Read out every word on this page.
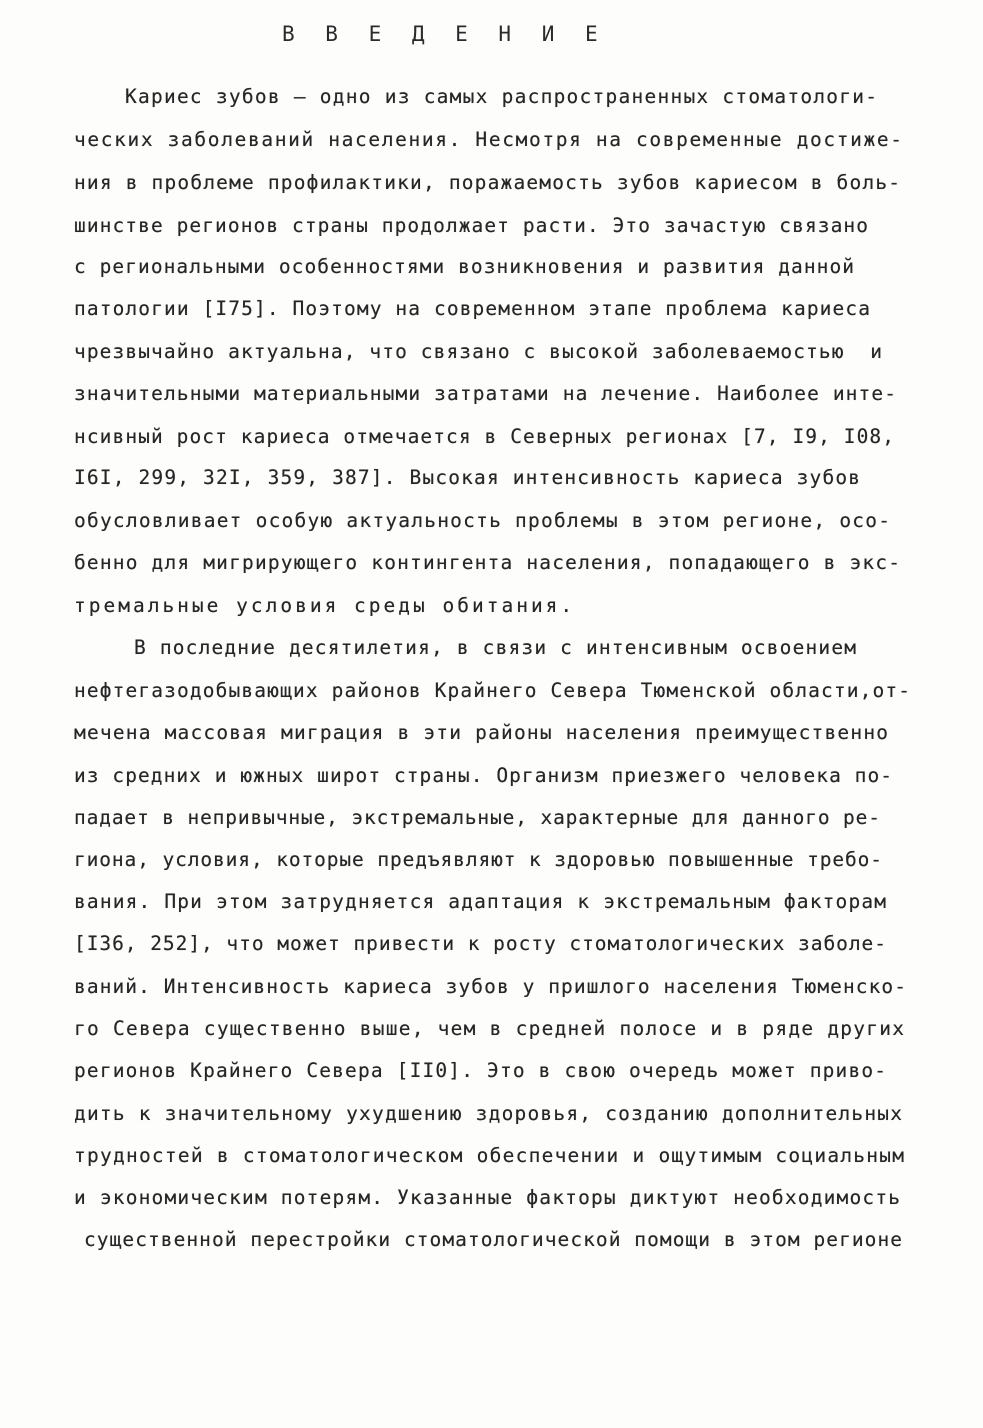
В В Е Д Е Н И Е
Кариес зубов – одно из самых распространенных стоматологи-
ческих заболеваний населения. Несмотря на современные достиже-
ния в проблеме профилактики, поражаемость зубов кариесом в боль-
шинстве регионов страны продолжает расти. Это зачастую связано
с региональными особенностями возникновения и развития данной
патологии [I75]. Поэтому на современном этапе проблема кариеса
чрезвычайно актуальна, что связано с высокой заболеваемостью  и
значительными материальными затратами на лечение. Наиболее инте-
нсивный рост кариеса отмечается в Северных регионах [7, I9, I08,
I6I, 299, 32I, 359, 387]. Высокая интенсивность кариеса зубов
обусловливает особую актуальность проблемы в этом регионе, осо-
бенно для мигрирующего контингента населения, попадающего в экс-
тремальные условия среды обитания.
В последние десятилетия, в связи с интенсивным освоением
нефтегазодобывающих районов Крайнего Севера Тюменской области,от-
мечена массовая миграция в эти районы населения преимущественно
из средних и южных широт страны. Организм приезжего человека по-
падает в непривычные, экстремальные, характерные для данного ре-
гиона, условия, которые предъявляют к здоровью повышенные требо-
вания. При этом затрудняется адаптация к экстремальным факторам
[I36, 252], что может привести к росту стоматологических заболе-
ваний. Интенсивность кариеса зубов у пришлого населения Тюменско-
го Севера существенно выше, чем в средней полосе и в ряде других
регионов Крайнего Севера [II0]. Это в свою очередь может приво-
дить к значительному ухудшению здоровья, созданию дополнительных
трудностей в стоматологическом обеспечении и ощутимым социальным
и экономическим потерям. Указанные факторы диктуют необходимость
существенной перестройки стоматологической помощи в этом регионе
